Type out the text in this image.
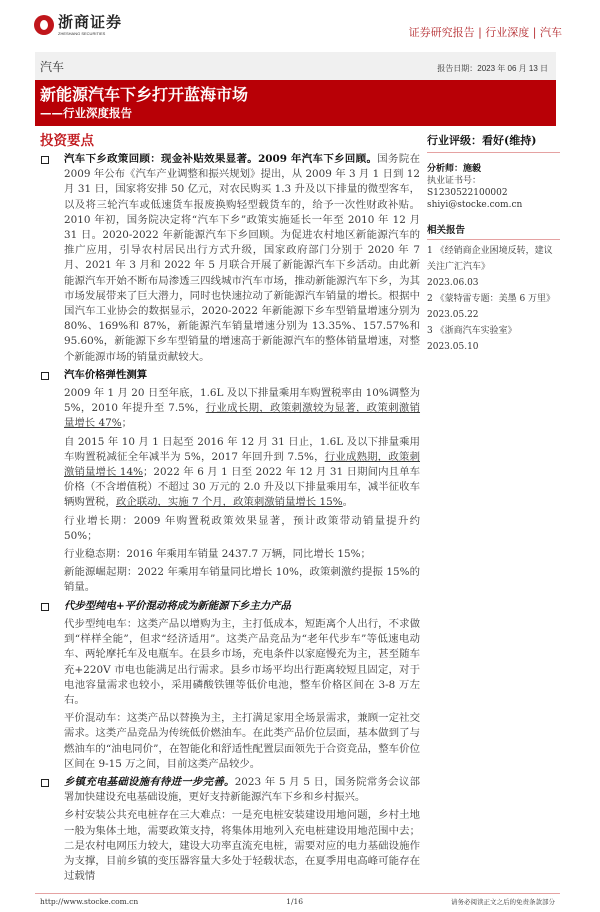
浙商证券
ZHESHANG SECURITIES	证券研究报告 | 行业深度 | 汽车
汽车	报告日期：2023 年 06 月 13 日
新能源汽车下乡打开蓝海市场
——行业深度报告
投资要点

汽车下乡政策回顾：现金补贴效果显著。2009 年汽车下乡回顾。国务院在 2009 年公布《汽车产业调整和振兴规划》提出，从 2009 年 3 月 1 日到 12 月 31 日，国家将安排 50 亿元，对农民购买 1.3 升及以下排量的微型客车，以及将三轮汽车或低速货车报废换购轻型载货车的，给予一次性财政补贴。2010 年初，国务院决定将“汽车下乡”政策实施延长一年至 2010 年 12 月 31 日。2020-2022 年新能源汽车下乡回顾。为促进农村地区新能源汽车的推广应用，引导农村居民出行方式升级，国家政府部门分别于 2020 年 7 月、2021 年 3 月和 2022 年 5 月联合开展了新能源汽车下乡活动。由此新能源汽车开始不断布局渗透三四线城市汽车市场，推动新能源汽车下乡，为其市场发展带来了巨大潜力，同时也快速拉动了新能源汽车销量的增长。根据中国汽车工业协会的数据显示，2020-2022 年新能源下乡车型销量增速分别为 80%、169%和 87%，新能源汽车销量增速分别为 13.35%、157.57%和 95.60%，新能源下乡车型销量的增速高于新能源汽车的整体销量增速，对整个新能源市场的销量贡献较大。

汽车价格弹性测算

2009 年 1 月 20 日至年底，1.6L 及以下排量乘用车购置税率由 10%调整为 5%，2010 年提升至 7.5%，行业成长期，政策刺激较为显著，政策刺激销量增长 47%；

自 2015 年 10 月 1 日起至 2016 年 12 月 31 日止，1.6L 及以下排量乘用车购置税减征全年减半为 5%，2017 年回升到 7.5%，行业成熟期，政策刺激销量增长 14%；2022 年 6 月 1 日至 2022 年 12 月 31 日期间内且单车价格（不含增值税）不超过 30 万元的 2.0 升及以下排量乘用车，减半征收车辆购置税，政企联动，实施 7 个月，政策刺激销量增长 15%。

行业增长期：2009 年购置税政策效果显著，预计政策带动销量提升约 50%；

行业稳态期：2016 年乘用车销量 2437.7 万辆，同比增长 15%；

新能源崛起期：2022 年乘用车销量同比增长 10%，政策刺激约提振 15%的销量。

代步型纯电+平价混动将成为新能源下乡主力产品

代步型纯电车：这类产品以增购为主，主打低成本，短距离个人出行，不求做到“样样全能”，但求“经济适用”。这类产品竞品为“老年代步车”等低速电动车、两轮摩托车及电瓶车。在县乡市场，充电条件以家庭慢充为主，甚至随车充+220V 市电也能满足出行需求。县乡市场平均出行距离较短且固定，对于电池容量需求也较小，采用磷酸铁锂等低价电池，整车价格区间在 3-8 万左右。

平价混动车：这类产品以替换为主，主打满足家用全场景需求，兼顾一定社交需求。这类产品竞品为传统低价燃油车。在此类产品价位层面，基本做到了与燃油车的“油电同价”，在智能化和舒适性配置层面领先于合资竞品，整车价位区间在 9-15 万之间，目前这类产品较少。

乡镇充电基础设施有待进一步完善。2023 年 5 月 5 日，国务院常务会议部署加快建设充电基础设施，更好支持新能源汽车下乡和乡村振兴。

乡村安装公共充电桩存在三大难点：一是充电桩安装建设用地问题，乡村土地一般为集体土地，需要政策支持，将集体用地列入充电桩建设用地范围中去；二是农村电网压力较大，建设大功率直流充电桩，需要对应的电力基础设施作为支撑，目前乡镇的变压器容量大多处于轻载状态，在夏季用电高峰可能存在过载情

行业评级：看好(维持)
分析师：施毅
执业证书号：S1230522100002
shiyi@stocke.com.cn
相关报告
1 《经销商企业困境反转，建议关注广汇汽车》
2023.06.03
2 《蒙特雷专题：美墨 6 万里》
2023.05.22
3 《浙商汽车实验室》
2023.05.10
http://www.stocke.com.cn	1/16	请务必阅读正文之后的免责条款部分
